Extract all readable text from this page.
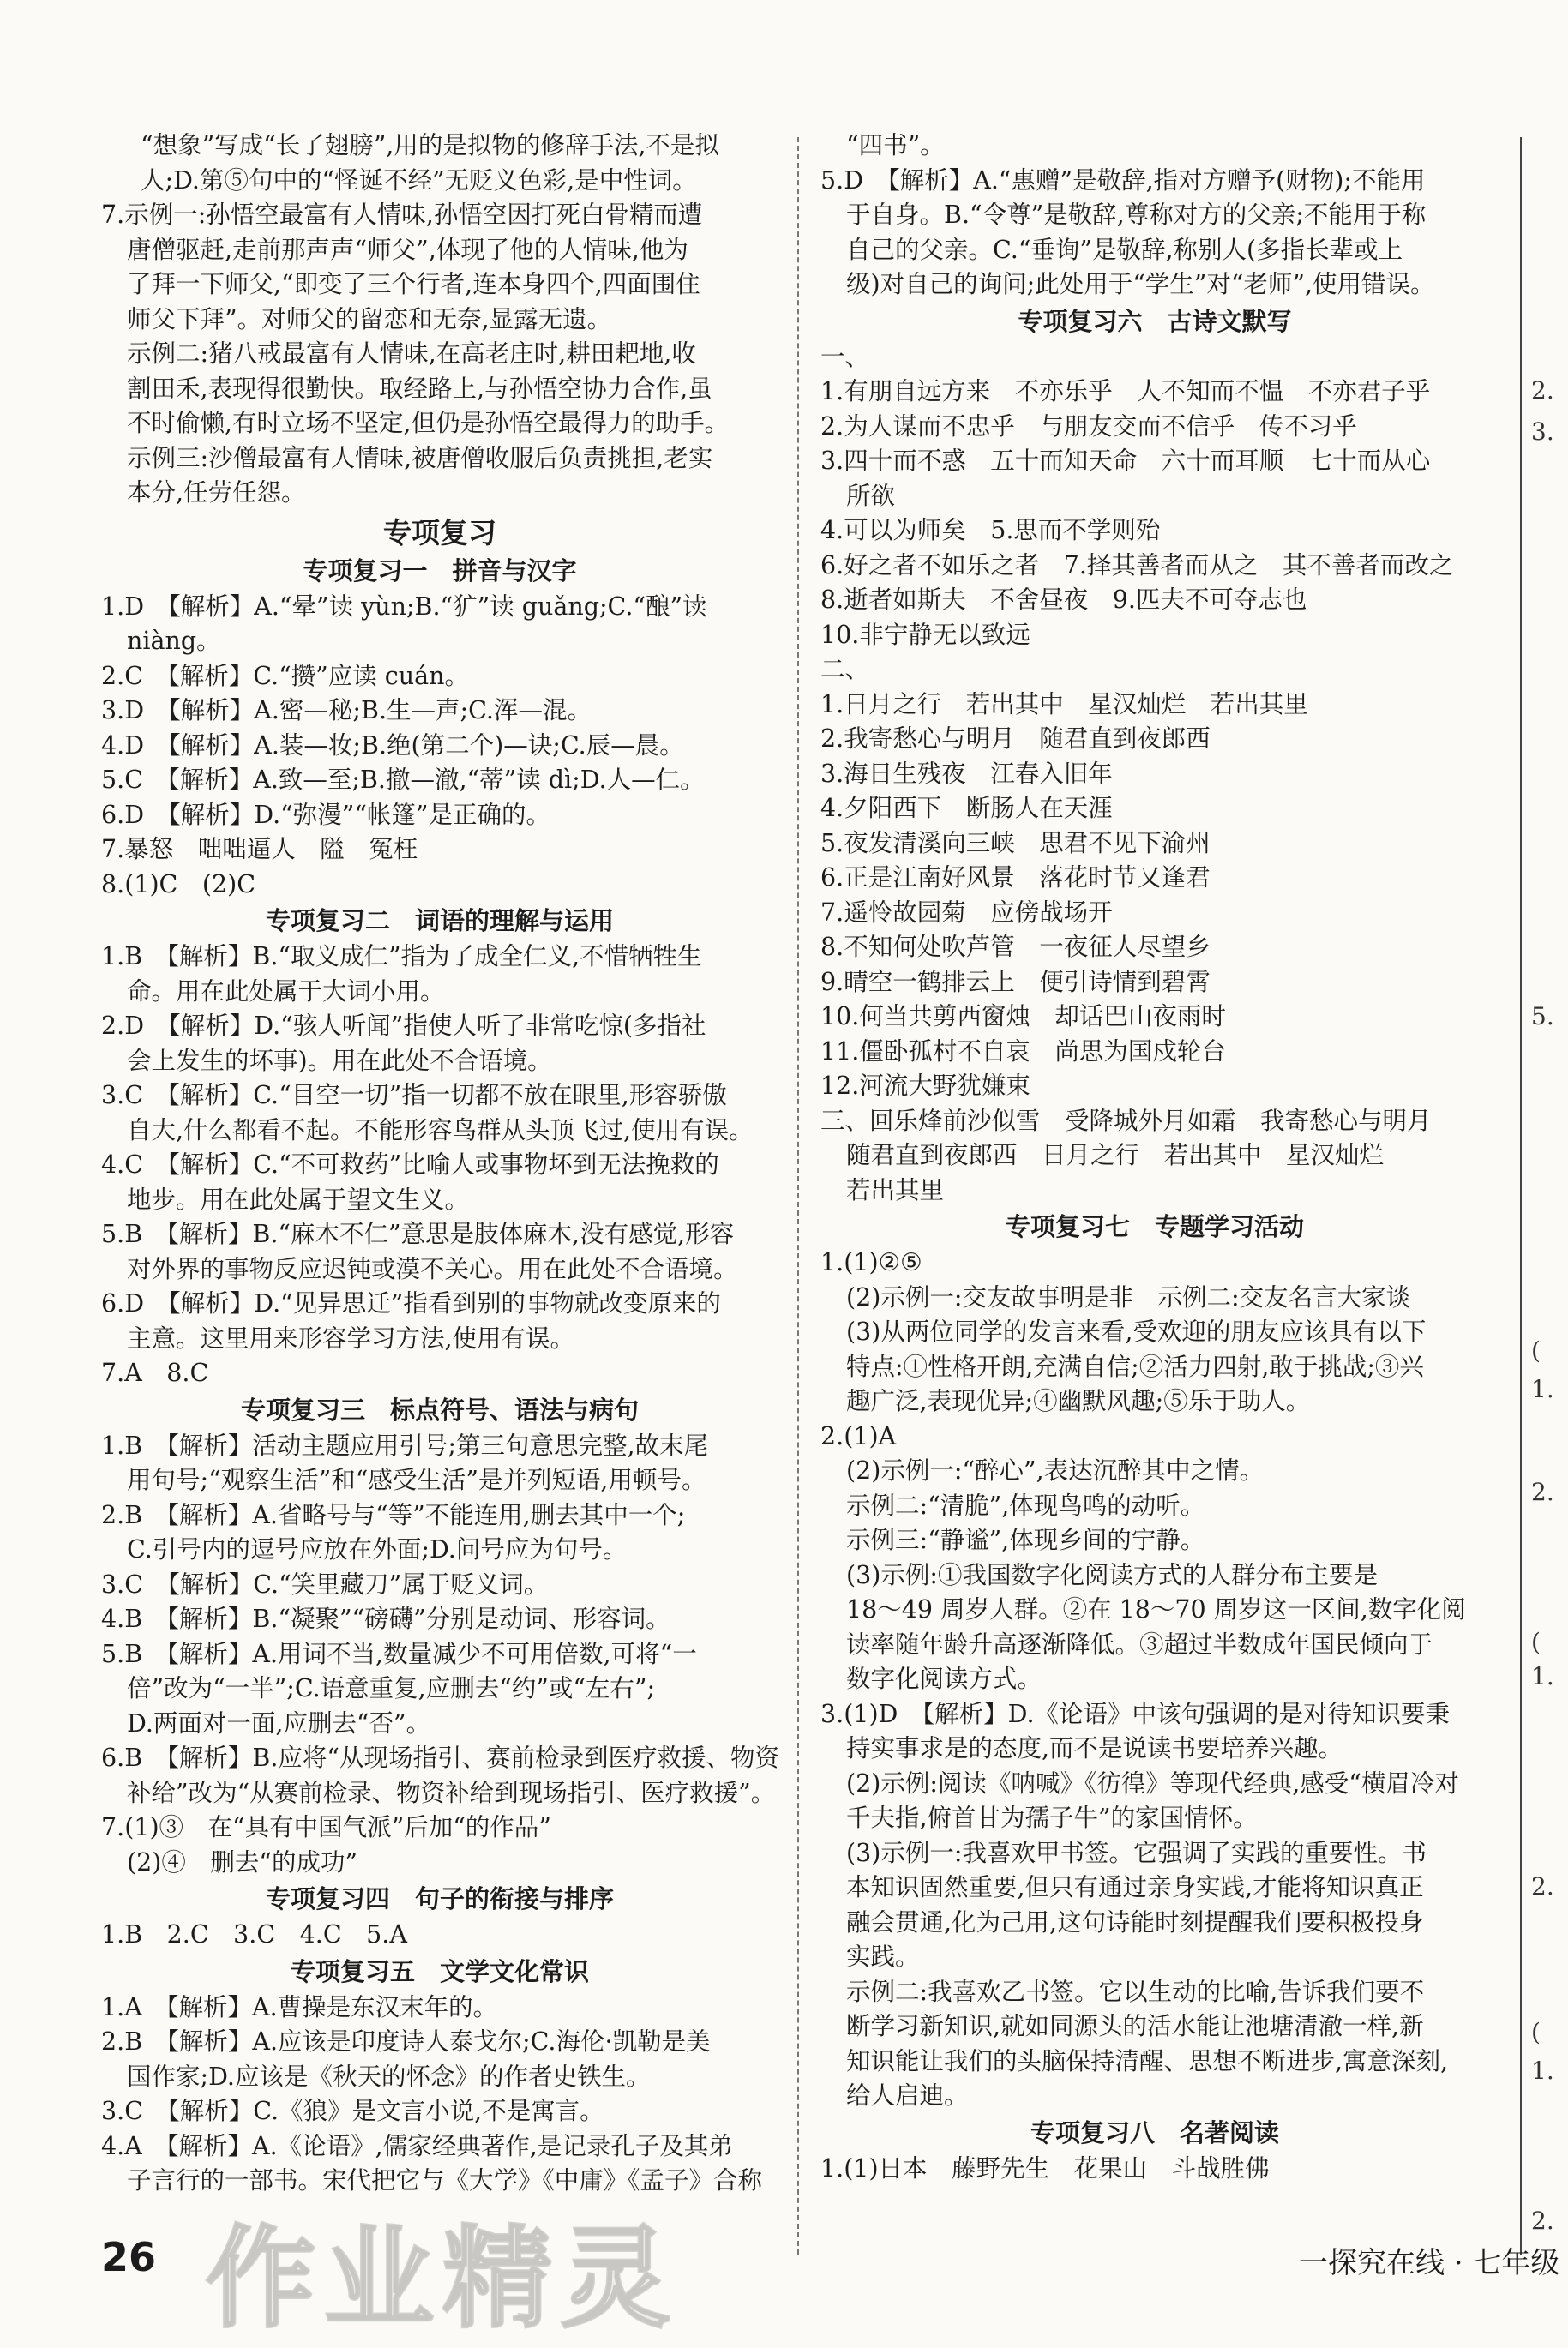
“想象”写成“长了翅膀”,用的是拟物的修辞手法,不是拟
人;D.第⑤句中的“怪诞不经”无贬义色彩,是中性词。
7.示例一:孙悟空最富有人情味,孙悟空因打死白骨精而遭
唐僧驱赶,走前那声声“师父”,体现了他的人情味,他为
了拜一下师父,“即变了三个行者,连本身四个,四面围住
师父下拜”。对师父的留恋和无奈,显露无遗。
示例二:猪八戒最富有人情味,在高老庄时,耕田耙地,收
割田禾,表现得很勤快。取经路上,与孙悟空协力合作,虽
不时偷懒,有时立场不坚定,但仍是孙悟空最得力的助手。
示例三:沙僧最富有人情味,被唐僧收服后负责挑担,老实
本分,任劳任怨。
专项复习
专项复习一　拼音与汉字
1.D　【解析】A.“晕”读 yùn;B.“犷”读 guǎng;C.“酿”读
niàng。
2.C　【解析】C.“攒”应读 cuán。
3.D　【解析】A.密—秘;B.生—声;C.浑—混。
4.D　【解析】A.装—妆;B.绝(第二个)—诀;C.辰—晨。
5.C　【解析】A.致—至;B.撤—澈,“蒂”读 dì;D.人—仁。
6.D　【解析】D.“弥漫”“帐篷”是正确的。
7.暴怒　咄咄逼人　隘　冤枉
8.(1)C　(2)C
专项复习二　词语的理解与运用
1.B　【解析】B.“取义成仁”指为了成全仁义,不惜牺牲生
命。用在此处属于大词小用。
2.D　【解析】D.“骇人听闻”指使人听了非常吃惊(多指社
会上发生的坏事)。用在此处不合语境。
3.C　【解析】C.“目空一切”指一切都不放在眼里,形容骄傲
自大,什么都看不起。不能形容鸟群从头顶飞过,使用有误。
4.C　【解析】C.“不可救药”比喻人或事物坏到无法挽救的
地步。用在此处属于望文生义。
5.B　【解析】B.“麻木不仁”意思是肢体麻木,没有感觉,形容
对外界的事物反应迟钝或漠不关心。用在此处不合语境。
6.D　【解析】D.“见异思迁”指看到别的事物就改变原来的
主意。这里用来形容学习方法,使用有误。
7.A　8.C
专项复习三　标点符号、语法与病句
1.B　【解析】活动主题应用引号;第三句意思完整,故末尾
用句号;“观察生活”和“感受生活”是并列短语,用顿号。
2.B　【解析】A.省略号与“等”不能连用,删去其中一个;
C.引号内的逗号应放在外面;D.问号应为句号。
3.C　【解析】C.“笑里藏刀”属于贬义词。
4.B　【解析】B.“凝聚”“磅礴”分别是动词、形容词。
5.B　【解析】A.用词不当,数量减少不可用倍数,可将“一
倍”改为“一半”;C.语意重复,应删去“约”或“左右”;
D.两面对一面,应删去“否”。
6.B　【解析】B.应将“从现场指引、赛前检录到医疗救援、物资
补给”改为“从赛前检录、物资补给到现场指引、医疗救援”。
7.(1)③　在“具有中国气派”后加“的作品”
(2)④　删去“的成功”
专项复习四　句子的衔接与排序
1.B　2.C　3.C　4.C　5.A
专项复习五　文学文化常识
1.A　【解析】A.曹操是东汉末年的。
2.B　【解析】A.应该是印度诗人泰戈尔;C.海伦·凯勒是美
国作家;D.应该是《秋天的怀念》的作者史铁生。
3.C　【解析】C.《狼》是文言小说,不是寓言。
4.A　【解析】A.《论语》,儒家经典著作,是记录孔子及其弟
子言行的一部书。宋代把它与《大学》《中庸》《孟子》合称
“四书”。
5.D　【解析】A.“惠赠”是敬辞,指对方赠予(财物);不能用
于自身。B.“令尊”是敬辞,尊称对方的父亲;不能用于称
自己的父亲。C.“垂询”是敬辞,称别人(多指长辈或上
级)对自己的询问;此处用于“学生”对“老师”,使用错误。
专项复习六　古诗文默写
一、
1.有朋自远方来　不亦乐乎　人不知而不愠　不亦君子乎
2.为人谋而不忠乎　与朋友交而不信乎　传不习乎
3.四十而不惑　五十而知天命　六十而耳顺　七十而从心
所欲
4.可以为师矣　5.思而不学则殆
6.好之者不如乐之者　7.择其善者而从之　其不善者而改之
8.逝者如斯夫　不舍昼夜　9.匹夫不可夺志也
10.非宁静无以致远
二、
1.日月之行　若出其中　星汉灿烂　若出其里
2.我寄愁心与明月　随君直到夜郎西
3.海日生残夜　江春入旧年
4.夕阳西下　断肠人在天涯
5.夜发清溪向三峡　思君不见下渝州
6.正是江南好风景　落花时节又逢君
7.遥怜故园菊　应傍战场开
8.不知何处吹芦管　一夜征人尽望乡
9.晴空一鹤排云上　便引诗情到碧霄
10.何当共剪西窗烛　却话巴山夜雨时
11.僵卧孤村不自哀　尚思为国戍轮台
12.河流大野犹嫌束
三、回乐烽前沙似雪　受降城外月如霜　我寄愁心与明月
随君直到夜郎西　日月之行　若出其中　星汉灿烂
若出其里
专项复习七　专题学习活动
1.(1)②⑤
(2)示例一:交友故事明是非　示例二:交友名言大家谈
(3)从两位同学的发言来看,受欢迎的朋友应该具有以下
特点:①性格开朗,充满自信;②活力四射,敢于挑战;③兴
趣广泛,表现优异;④幽默风趣;⑤乐于助人。
2.(1)A
(2)示例一:“醉心”,表达沉醉其中之情。
示例二:“清脆”,体现鸟鸣的动听。
示例三:“静谧”,体现乡间的宁静。
(3)示例:①我国数字化阅读方式的人群分布主要是
18～49 周岁人群。②在 18～70 周岁这一区间,数字化阅
读率随年龄升高逐渐降低。③超过半数成年国民倾向于
数字化阅读方式。
3.(1)D　【解析】D.《论语》中该句强调的是对待知识要秉
持实事求是的态度,而不是说读书要培养兴趣。
(2)示例:阅读《呐喊》《彷徨》等现代经典,感受“横眉冷对
千夫指,俯首甘为孺子牛”的家国情怀。
(3)示例一:我喜欢甲书签。它强调了实践的重要性。书
本知识固然重要,但只有通过亲身实践,才能将知识真正
融会贯通,化为己用,这句诗能时刻提醒我们要积极投身
实践。
示例二:我喜欢乙书签。它以生动的比喻,告诉我们要不
断学习新知识,就如同源头的活水能让池塘清澈一样,新
知识能让我们的头脑保持清醒、思想不断进步,寓意深刻,
给人启迪。
专项复习八　名著阅读
1.(1)日本　藤野先生　花果山　斗战胜佛
2.
3.
5.
(
1.
2.
(
1.
2.
(
1.
2.
作业精灵
26	一探究在线 · 七年级
